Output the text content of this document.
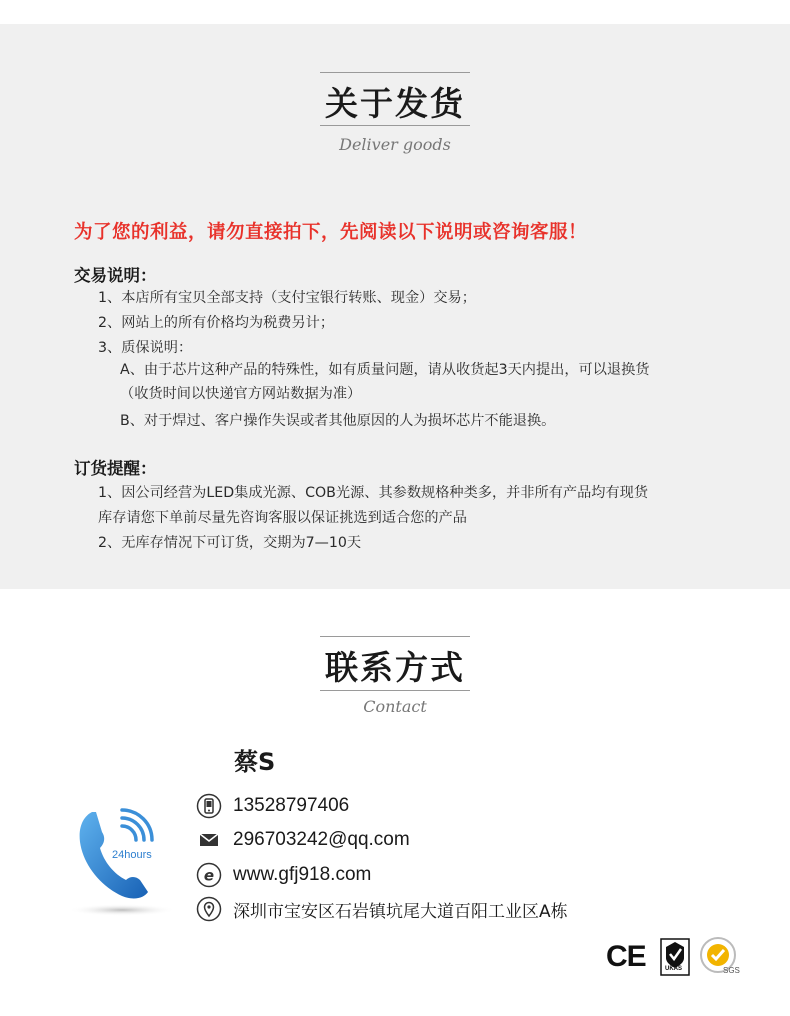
关于发货
Deliver goods
为了您的利益，请勿直接拍下，先阅读以下说明或咨询客服！
交易说明：
1、本店所有宝贝全部支持（支付宝银行转账、现金）交易；
2、网站上的所有价格均为税费另计；
3、质保说明：
A、由于芯片这种产品的特殊性，如有质量问题，请从收货起3天内提出，可以退换货
（收货时间以快递官方网站数据为准）
B、对于焊过、客户操作失误或者其他原因的人为损坏芯片不能退换。
订货提醒：
1、因公司经营为LED集成光源、COB光源、其参数规格种类多，并非所有产品均有现货
库存请您下单前尽量先咨询客服以保证挑选到适合您的产品
2、无库存情况下可订货，交期为7—10天
联系方式
Contact
蔡S
24hours
13528797406
296703242@qq.com
e www.gfj918.com
深圳市宝安区石岩镇坑尾大道百阳工业区A栋
CE	UKAS	SGS
